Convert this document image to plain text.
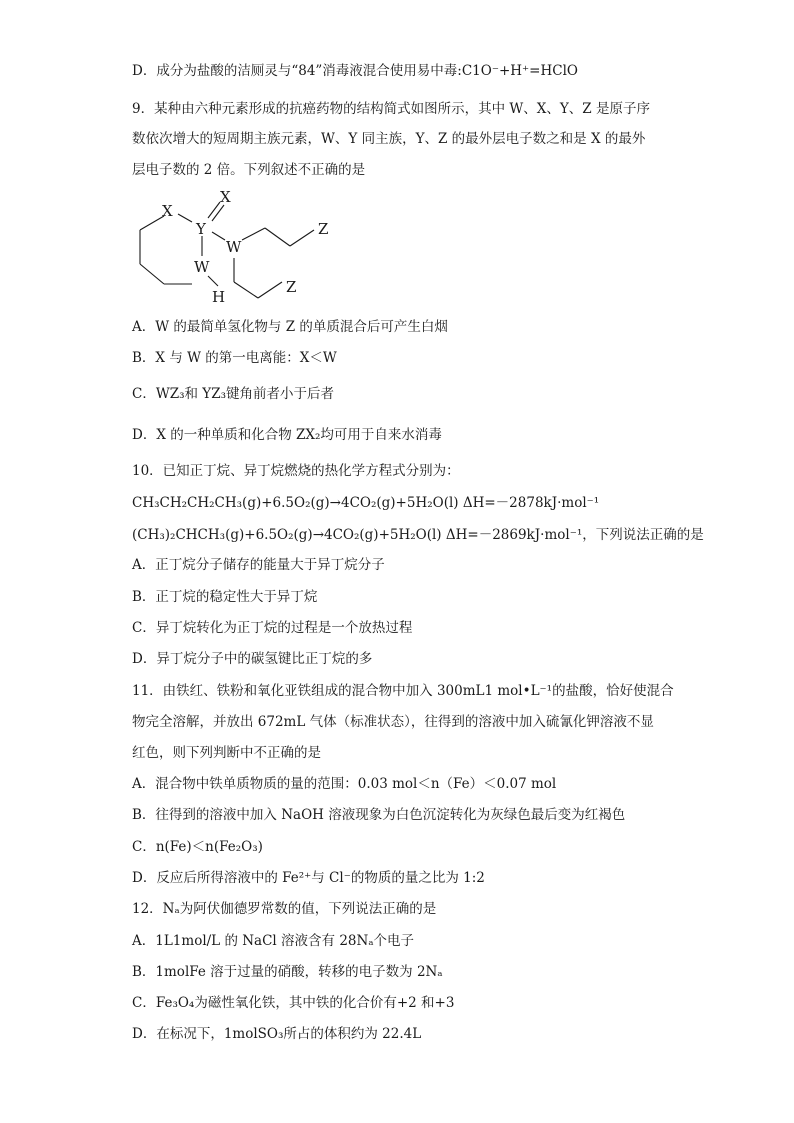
D．成分为盐酸的洁厕灵与“84”消毒液混合使用易中毒:C1O⁻+H⁺=HClO
9．某种由六种元素形成的抗癌药物的结构简式如图所示，其中 W、X、Y、Z 是原子序
数依次增大的短周期主族元素，W、Y 同主族，Y、Z 的最外层电子数之和是 X 的最外
层电子数的 2 倍。下列叙述不正确的是
X
X
Y
W
W
H
Z
Z
A．W 的最简单氢化物与 Z 的单质混合后可产生白烟
B．X 与 W 的第一电离能：X＜W
C．WZ₃和 YZ₃键角前者小于后者
D．X 的一种单质和化合物 ZX₂均可用于自来水消毒
10．已知正丁烷、异丁烷燃烧的热化学方程式分别为：
CH₃CH₂CH₂CH₃(g)+6.5O₂(g)→4CO₂(g)+5H₂O(l) ΔH=－2878kJ·mol⁻¹
(CH₃)₂CHCH₃(g)+6.5O₂(g)→4CO₂(g)+5H₂O(l) ΔH=－2869kJ·mol⁻¹，下列说法正确的是
A．正丁烷分子储存的能量大于异丁烷分子
B．正丁烷的稳定性大于异丁烷
C．异丁烷转化为正丁烷的过程是一个放热过程
D．异丁烷分子中的碳氢键比正丁烷的多
11．由铁红、铁粉和氧化亚铁组成的混合物中加入 300mL1 mol•L⁻¹的盐酸，恰好使混合
物完全溶解，并放出 672mL 气体（标准状态），往得到的溶液中加入硫氰化钾溶液不显
红色，则下列判断中不正确的是
A．混合物中铁单质物质的量的范围：0.03 mol＜n（Fe）＜0.07 mol
B．往得到的溶液中加入 NaOH 溶液现象为白色沉淀转化为灰绿色最后变为红褐色
C．n(Fe)＜n(Fe₂O₃)
D．反应后所得溶液中的 Fe²⁺与 Cl⁻的物质的量之比为 1:2
12．Nₐ为阿伏伽德罗常数的值，下列说法正确的是
A．1L1mol/L 的 NaCl 溶液含有 28Nₐ个电子
B．1molFe 溶于过量的硝酸，转移的电子数为 2Nₐ
C．Fe₃O₄为磁性氧化铁，其中铁的化合价有+2 和+3
D．在标况下，1molSO₃所占的体积约为 22.4L
